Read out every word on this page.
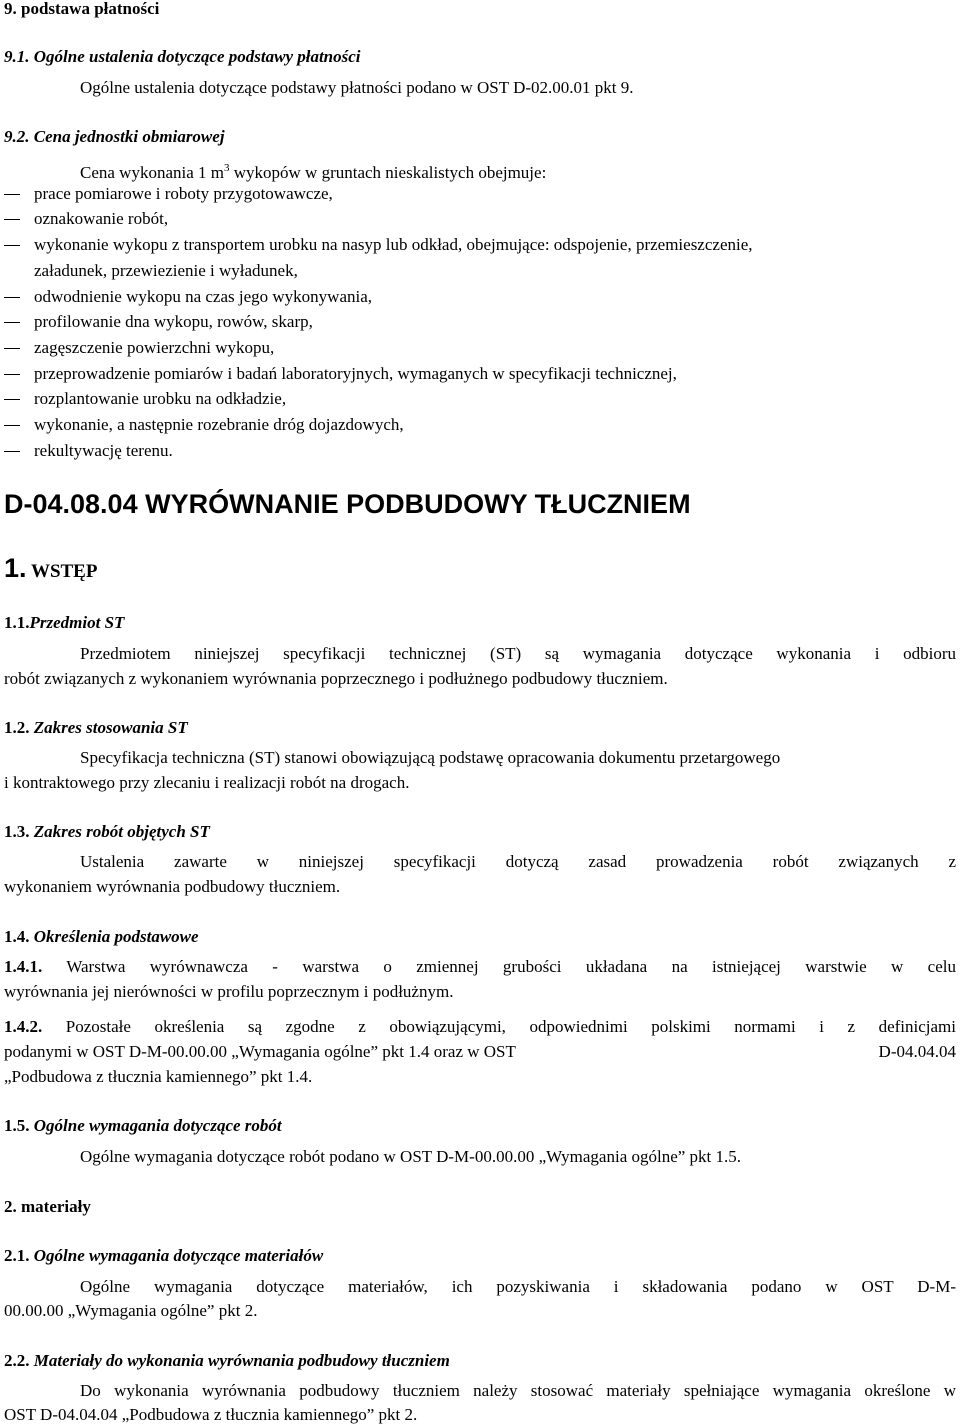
9. podstawa płatności
9.1. Ogólne ustalenia dotyczące podstawy płatności
Ogólne ustalenia dotyczące podstawy płatności podano w OST D-02.00.01 pkt 9.
9.2. Cena jednostki obmiarowej
Cena wykonania 1 $m^3$ wykopów w gruntach nieskalistych obejmuje:
prace pomiarowe i roboty przygotowawcze,
oznakowanie robót,
wykonanie wykopu z transportem urobku na nasyp lub odkład, obejmujące: odspojenie, przemieszczenie,
załadunek, przewiezienie i wyładunek,
odwodnienie wykopu na czas jego wykonywania,
profilowanie dna wykopu, rowów, skarp,
zagęszczenie powierzchni wykopu,
przeprowadzenie pomiarów i badań laboratoryjnych, wymaganych w specyfikacji technicznej,
rozplantowanie urobku na odkładzie,
wykonanie, a następnie rozebranie dróg dojazdowych,
rekultywację terenu.
D-04.08.04 WYRÓWNANIE PODBUDOWY TŁUCZNIEM
1. WSTĘP
1.1.Przedmiot ST
Przedmiotem niniejszej specyfikacji technicznej (ST) są wymagania dotyczące wykonania i odbioru
robót związanych z wykonaniem wyrównania poprzecznego i podłużnego podbudowy tłuczniem.
1.2. Zakres stosowania ST
Specyfikacja techniczna (ST) stanowi obowiązującą podstawę opracowania dokumentu przetargowego
i kontraktowego przy zlecaniu i realizacji robót na drogach.
1.3. Zakres robót objętych ST
Ustalenia zawarte w niniejszej specyfikacji dotyczą zasad prowadzenia robót związanych z
wykonaniem wyrównania podbudowy tłuczniem.
1.4. Określenia podstawowe
1.4.1. Warstwa wyrównawcza - warstwa o zmiennej grubości układana na istniejącej warstwie w celu
wyrównania jej nierówności w profilu poprzecznym i podłużnym.
1.4.2. Pozostałe określenia są zgodne z obowiązującymi, odpowiednimi polskimi normami i z definicjami
podanymi w OST D-M-00.00.00 „Wymagania ogólne” pkt 1.4 oraz w OST	D-04.04.04
„Podbudowa z tłucznia kamiennego” pkt 1.4.
1.5. Ogólne wymagania dotyczące robót
Ogólne wymagania dotyczące robót podano w OST D-M-00.00.00 „Wymagania ogólne” pkt 1.5.
2. materiały
2.1. Ogólne wymagania dotyczące materiałów
Ogólne wymagania dotyczące materiałów, ich pozyskiwania i składowania podano w OST D-M-
00.00.00 „Wymagania ogólne” pkt 2.
2.2. Materiały do wykonania wyrównania podbudowy tłuczniem
Do wykonania wyrównania podbudowy tłuczniem należy stosować materiały spełniające wymagania określone w
OST D-04.04.04 „Podbudowa z tłucznia kamiennego” pkt 2.
